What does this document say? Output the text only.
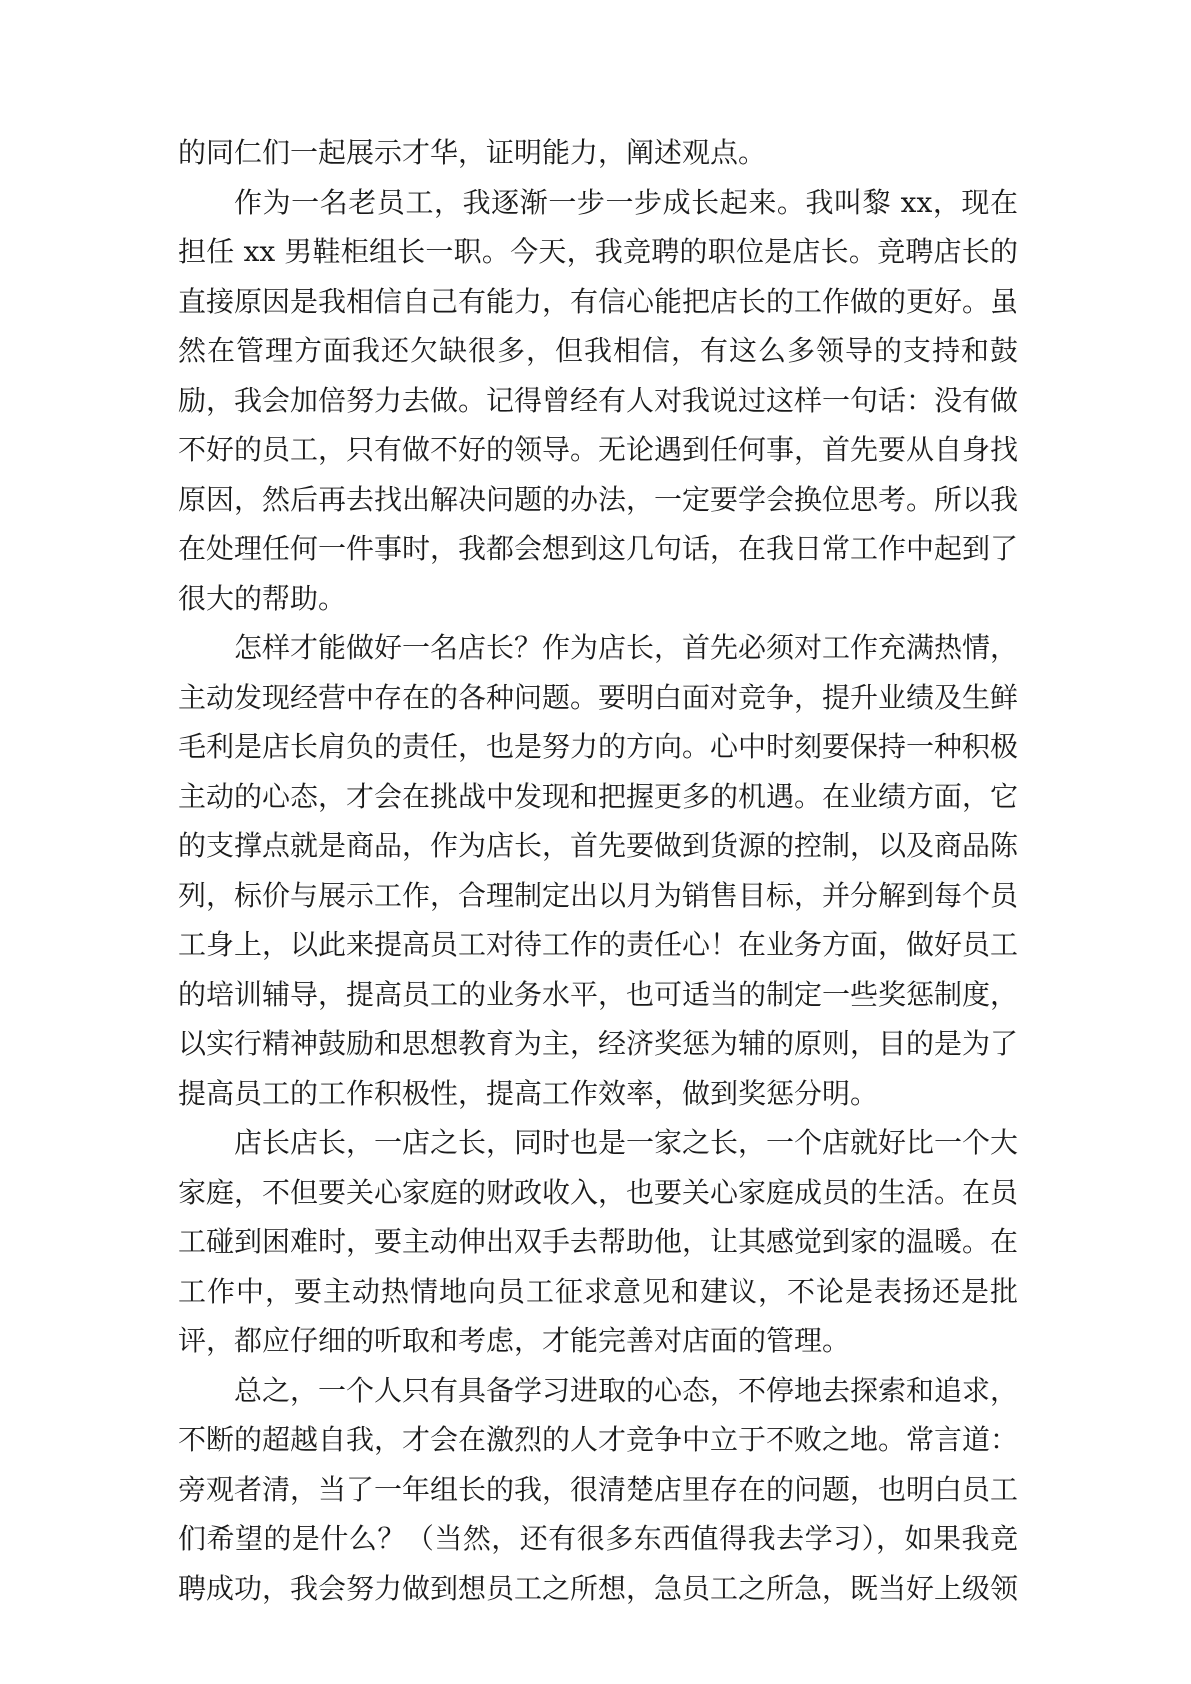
的同仁们一起展示才华，证明能力，阐述观点。

作为一名老员工，我逐渐一步一步成长起来。我叫黎 xx，现在担任 xx 男鞋柜组长一职。今天，我竞聘的职位是店长。竞聘店长的直接原因是我相信自己有能力，有信心能把店长的工作做的更好。虽然在管理方面我还欠缺很多，但我相信，有这么多领导的支持和鼓励，我会加倍努力去做。记得曾经有人对我说过这样一句话：没有做不好的员工，只有做不好的领导。无论遇到任何事，首先要从自身找原因，然后再去找出解决问题的办法，一定要学会换位思考。所以我在处理任何一件事时，我都会想到这几句话，在我日常工作中起到了很大的帮助。

怎样才能做好一名店长？作为店长，首先必须对工作充满热情，主动发现经营中存在的各种问题。要明白面对竞争，提升业绩及生鲜毛利是店长肩负的责任，也是努力的方向。心中时刻要保持一种积极主动的心态，才会在挑战中发现和把握更多的机遇。在业绩方面，它的支撑点就是商品，作为店长，首先要做到货源的控制，以及商品陈列，标价与展示工作，合理制定出以月为销售目标，并分解到每个员工身上，以此来提高员工对待工作的责任心！在业务方面，做好员工的培训辅导，提高员工的业务水平，也可适当的制定一些奖惩制度，以实行精神鼓励和思想教育为主，经济奖惩为辅的原则，目的是为了提高员工的工作积极性，提高工作效率，做到奖惩分明。

店长店长，一店之长，同时也是一家之长，一个店就好比一个大家庭，不但要关心家庭的财政收入，也要关心家庭成员的生活。在员工碰到困难时，要主动伸出双手去帮助他，让其感觉到家的温暖。在工作中，要主动热情地向员工征求意见和建议，不论是表扬还是批评，都应仔细的听取和考虑，才能完善对店面的管理。

总之，一个人只有具备学习进取的心态，不停地去探索和追求，不断的超越自我，才会在激烈的人才竞争中立于不败之地。常言道：旁观者清，当了一年组长的我，很清楚店里存在的问题，也明白员工们希望的是什么？（当然，还有很多东西值得我去学习），如果我竞聘成功，我会努力做到想员工之所想，急员工之所急，既当好上级领
